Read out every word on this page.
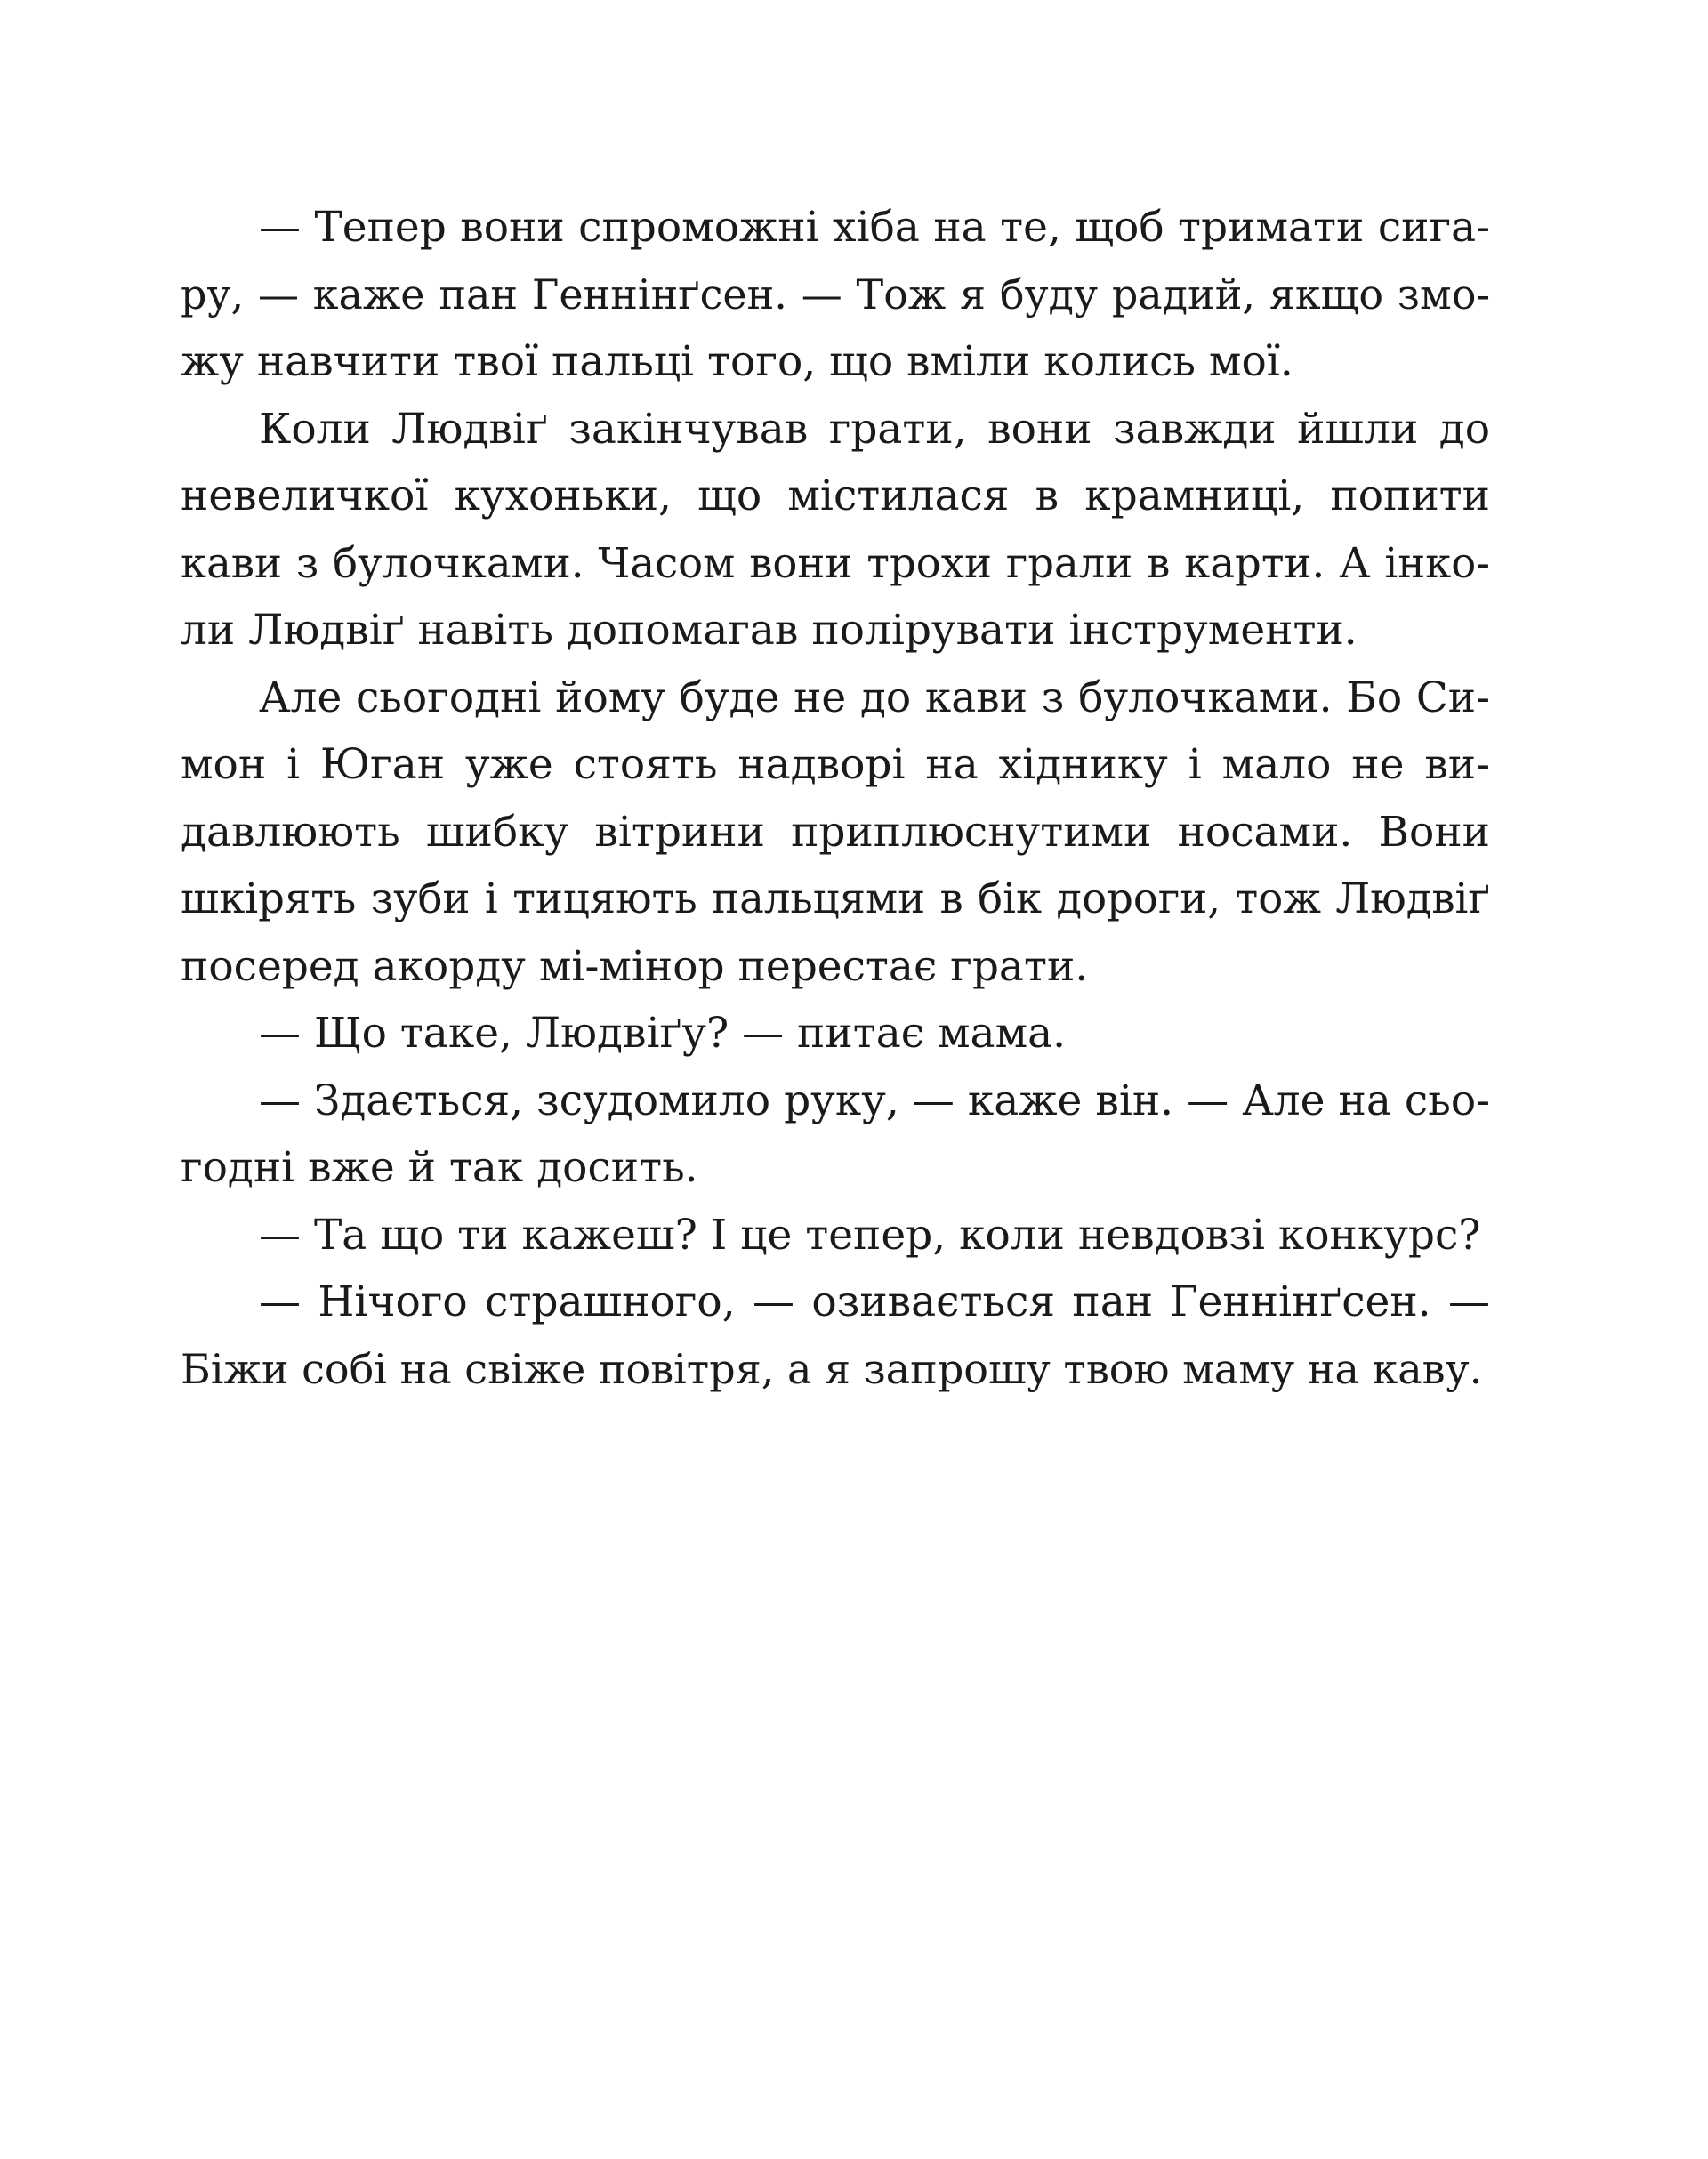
— Тепер вони спроможні хіба на те, щоб тримати сига-
ру, — каже пан Геннінґсен. — Тож я буду радий, якщо змо-
жу навчити твої пальці того, що вміли колись мої.
Коли Людвіґ закінчував грати, вони завжди йшли до
невеличкої кухоньки, що містилася в крамниці, попити
кави з булочками. Часом вони трохи грали в карти. А інко-
ли Людвіґ навіть допомагав полірувати інструменти.
Але сьогодні йому буде не до кави з булочками. Бо Си-
мон і Юган уже стоять надворі на хіднику і мало не ви-
давлюють шибку вітрини приплюснутими носами. Вони
шкірять зуби і тицяють пальцями в бік дороги, тож Людвіґ
посеред акорду мі-мінор перестає грати.
— Що таке, Людвіґу? — питає мама.
— Здається, зсудомило руку, — каже він. — Але на сьо-
годні вже й так досить.
— Та що ти кажеш? І це тепер, коли невдовзі конкурс?
— Нічого страшного, — озивається пан Геннінґсен. —
Біжи собі на свіже повітря, а я запрошу твою маму на каву.
